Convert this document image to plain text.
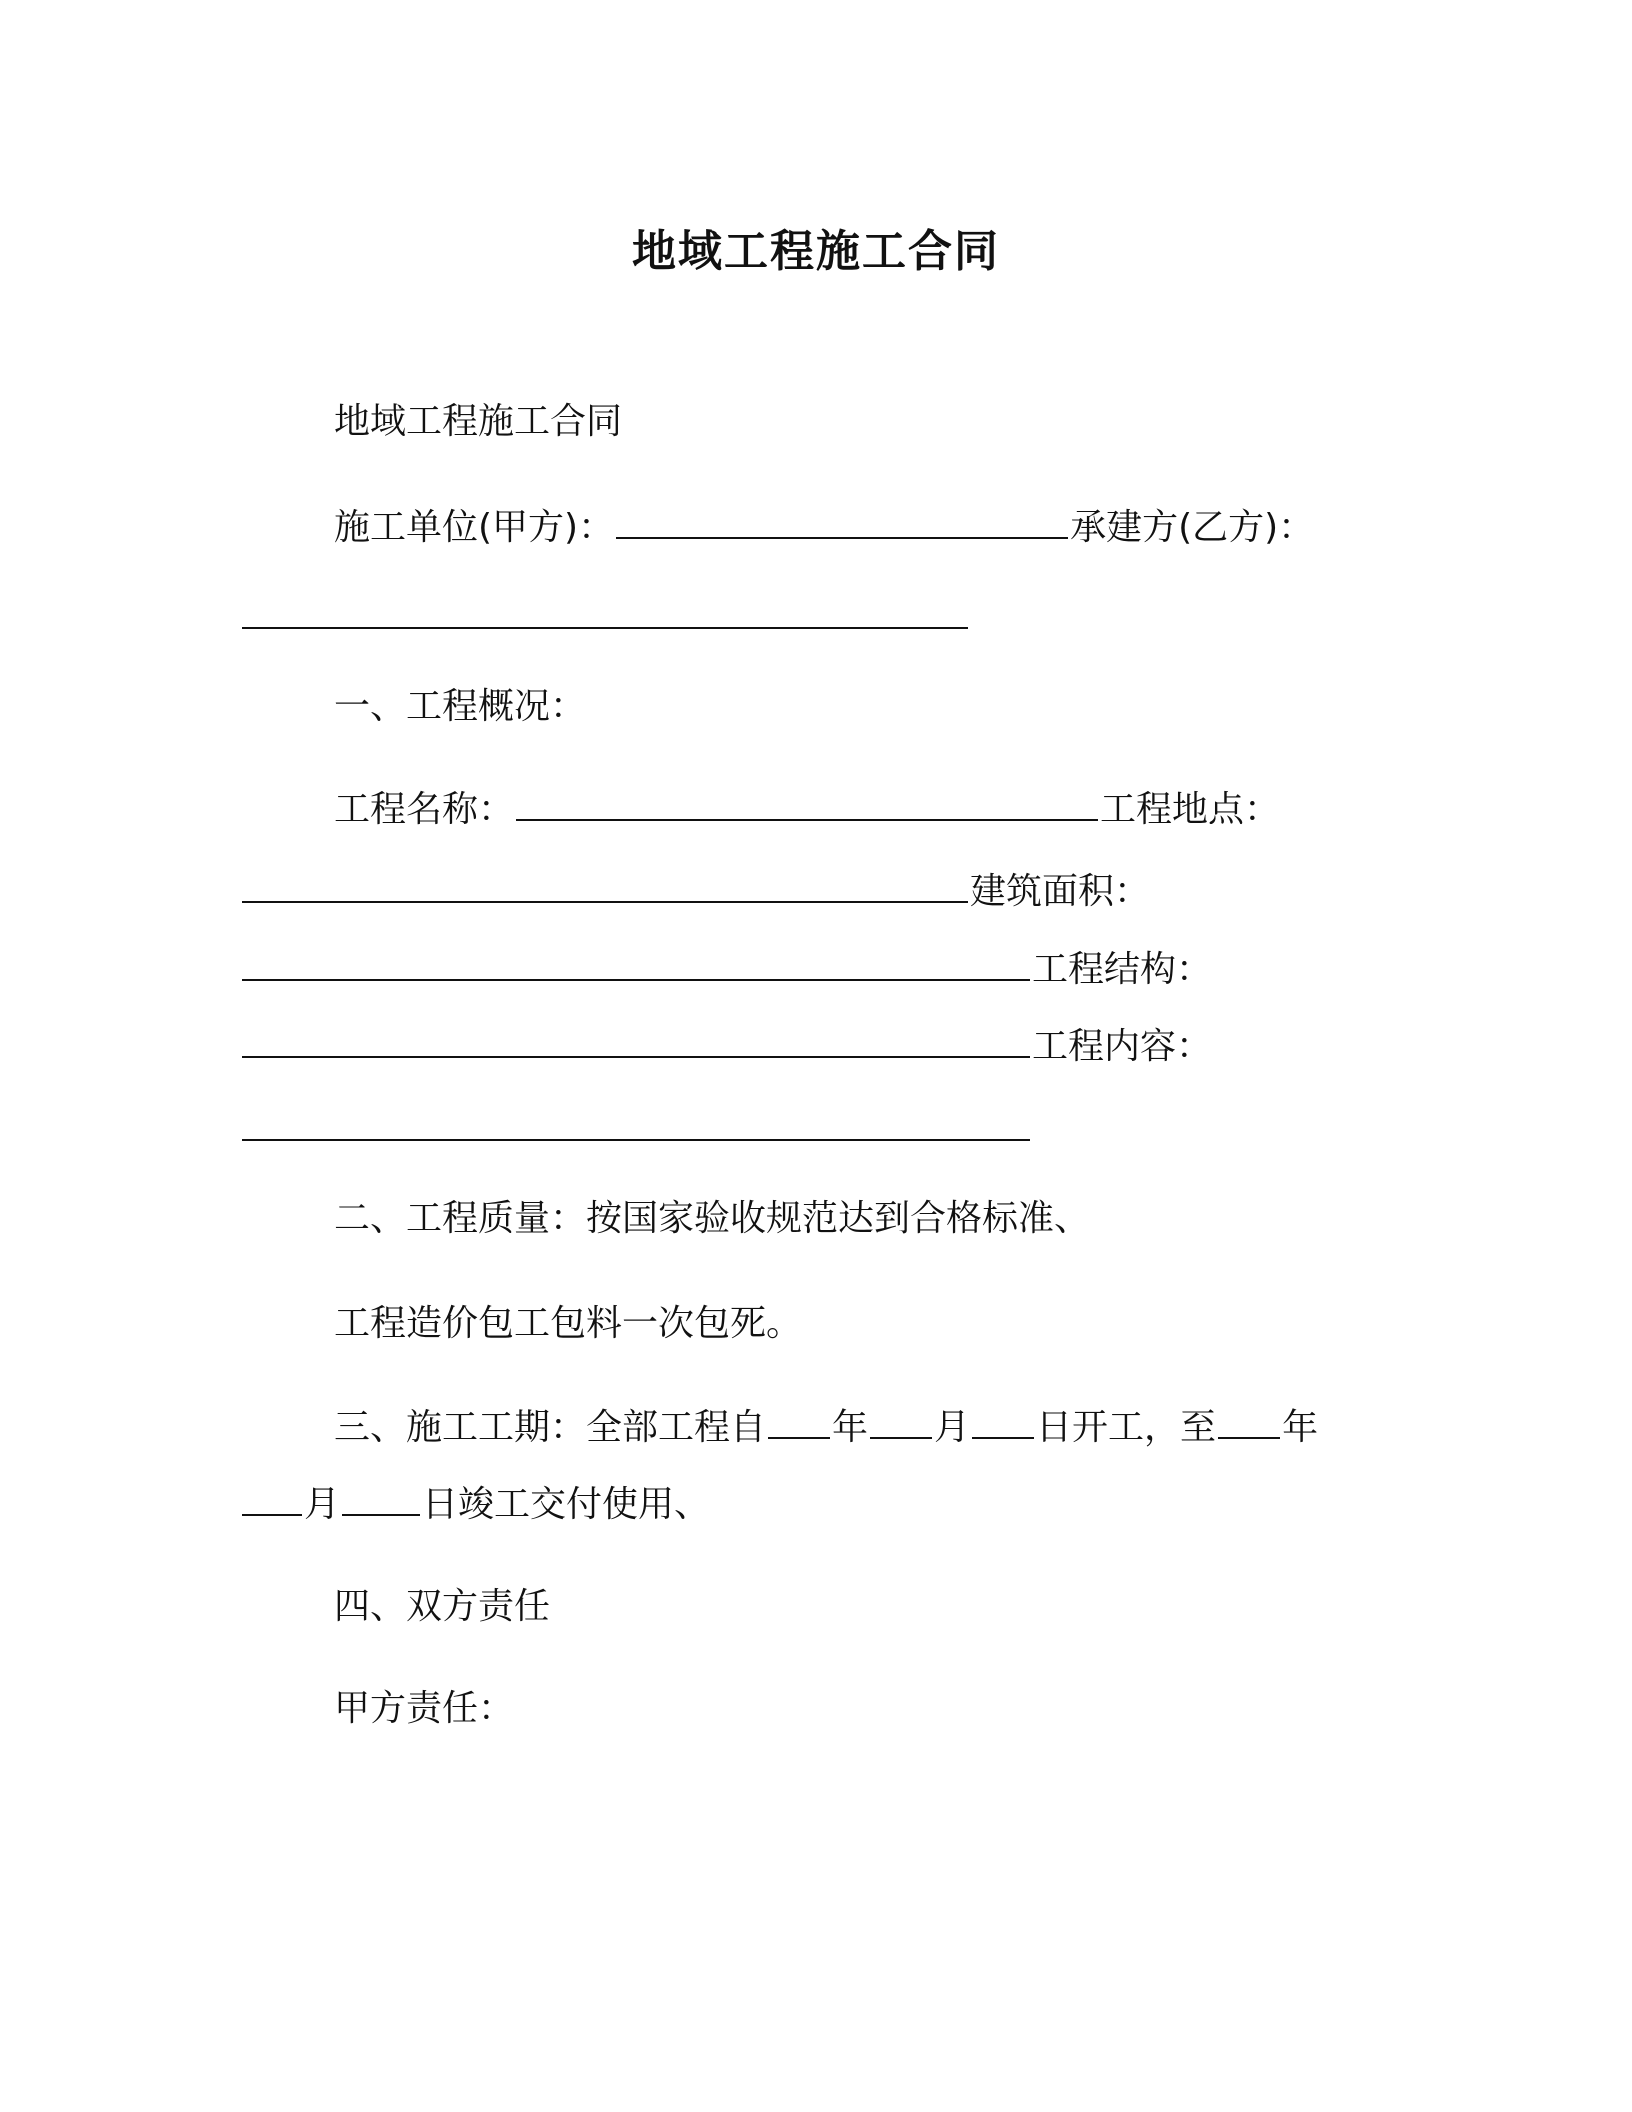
地域工程施工合同
地域工程施工合同
施工单位(甲方)：	承建方(乙方)：
一、工程概况：
工程名称：	工程地点：
建筑面积：
工程结构：
工程内容：
二、工程质量：按国家验收规范达到合格标准、
工程造价包工包料一次包死。
三、施工工期：全部工程自 年 月 日开工，至 年
月 日竣工交付使用、
四、双方责任
甲方责任：
